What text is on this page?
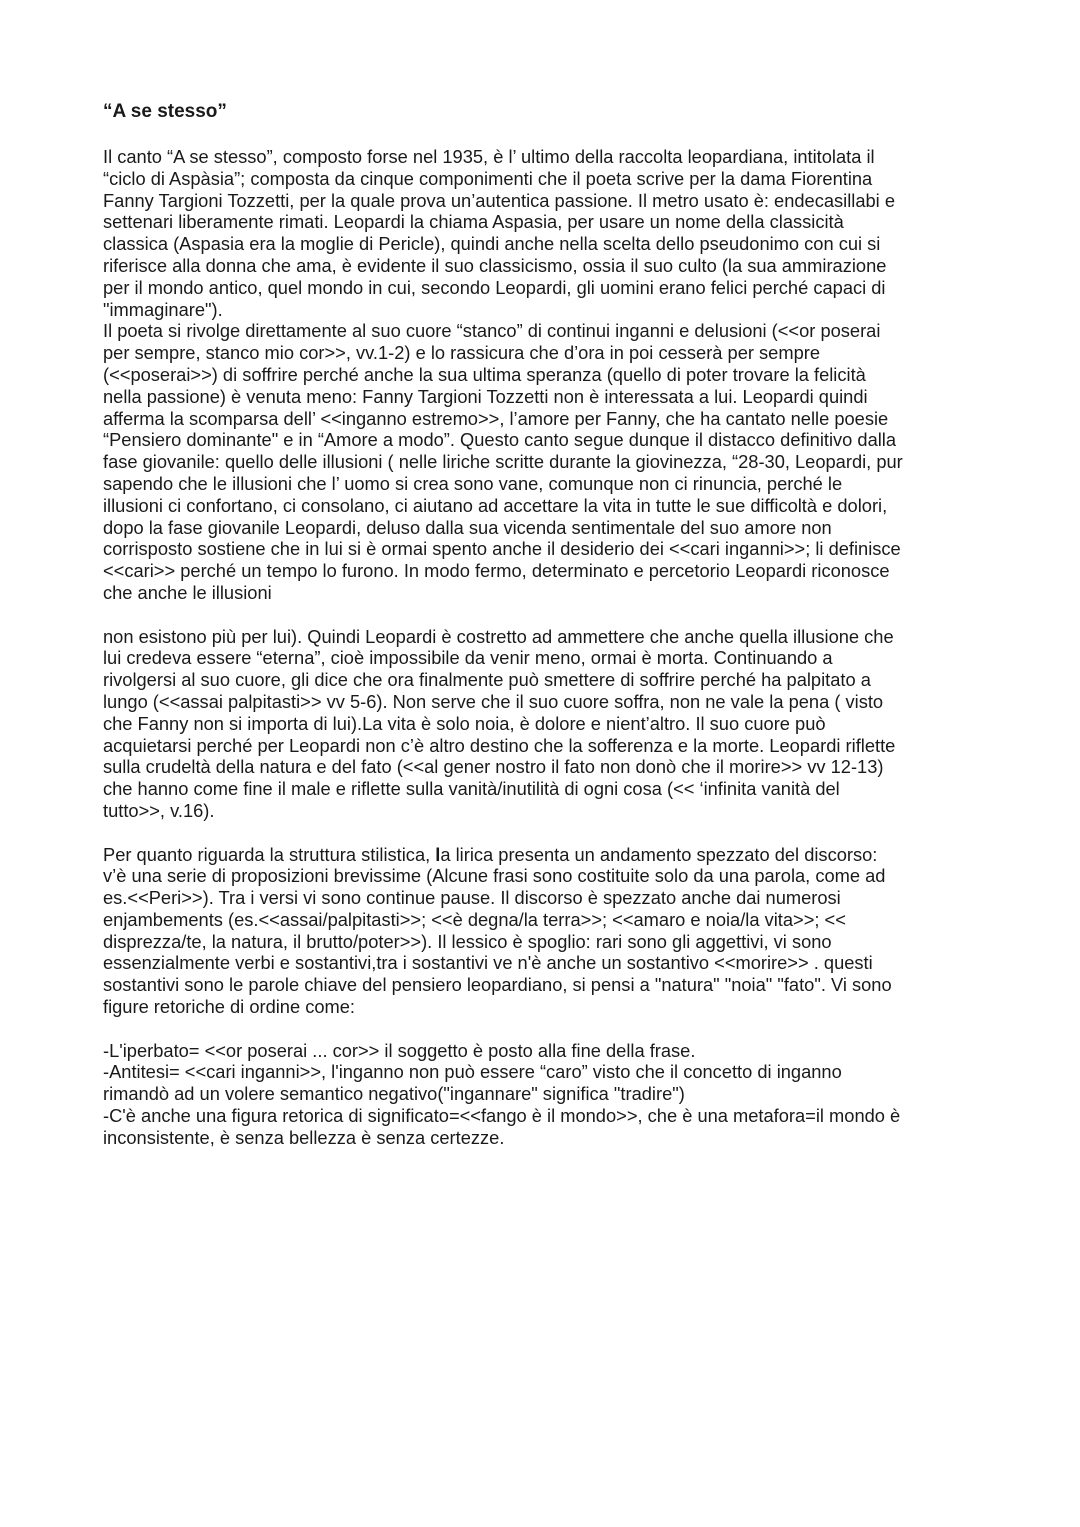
“A se stesso”

Il canto “A se stesso”, composto forse nel 1935, è l’ ultimo della raccolta leopardiana, intitolata il
“ciclo di Aspàsia”; composta da cinque componimenti che il poeta scrive per la dama Fiorentina
Fanny Targioni Tozzetti, per la quale prova un’autentica passione. Il metro usato è: endecasillabi e
settenari liberamente rimati. Leopardi la chiama Aspasia, per usare un nome della classicità
classica (Aspasia era la moglie di Pericle), quindi anche nella scelta dello pseudonimo con cui si
riferisce alla donna che ama, è evidente il suo classicismo, ossia il suo culto (la sua ammirazione
per il mondo antico, quel mondo in cui, secondo Leopardi, gli uomini erano felici perché capaci di
"immaginare").

Il poeta si rivolge direttamente al suo cuore “stanco” di continui inganni e delusioni (<<or poserai
per sempre, stanco mio cor>>, vv.1-2) e lo rassicura che d’ora in poi cesserà per sempre
(<<poserai>>) di soffrire perché anche la sua ultima speranza (quello di poter trovare la felicità
nella passione) è venuta meno: Fanny Targioni Tozzetti non è interessata a lui. Leopardi quindi
afferma la scomparsa dell’ <<inganno estremo>>, l’amore per Fanny, che ha cantato nelle poesie
“Pensiero dominante" e in “Amore a modo”. Questo canto segue dunque il distacco definitivo dalla
fase giovanile: quello delle illusioni ( nelle liriche scritte durante la giovinezza, “28-30, Leopardi, pur
sapendo che le illusioni che l’ uomo si crea sono vane, comunque non ci rinuncia, perché le
illusioni ci confortano, ci consolano, ci aiutano ad accettare la vita in tutte le sue difficoltà e dolori,
dopo la fase giovanile Leopardi, deluso dalla sua vicenda sentimentale del suo amore non
corrisposto sostiene che in lui si è ormai spento anche il desiderio dei <<cari inganni>>; li definisce
<<cari>> perché un tempo lo furono. In modo fermo, determinato e percetorio Leopardi riconosce
che anche le illusioni

non esistono più per lui). Quindi Leopardi è costretto ad ammettere che anche quella illusione che
lui credeva essere “eterna”, cioè impossibile da venir meno, ormai è morta. Continuando a
rivolgersi al suo cuore, gli dice che ora finalmente può smettere di soffrire perché ha palpitato a
lungo (<<assai palpitasti>> vv 5-6). Non serve che il suo cuore soffra, non ne vale la pena ( visto
che Fanny non si importa di lui).La vita è solo noia, è dolore e nient’altro. Il suo cuore può
acquietarsi perché per Leopardi non c’è altro destino che la sofferenza e la morte. Leopardi riflette
sulla crudeltà della natura e del fato (<<al gener nostro il fato non donò che il morire>> vv 12-13)
che hanno come fine il male e riflette sulla vanità/inutilità di ogni cosa (<< ‘infinita vanità del
tutto>>, v.16).

Per quanto riguarda la struttura stilistica, la lirica presenta un andamento spezzato del discorso:
v’è una serie di proposizioni brevissime (Alcune frasi sono costituite solo da una parola, come ad
es.<<Peri>>). Tra i versi vi sono continue pause. Il discorso è spezzato anche dai numerosi
enjambements (es.<<assai/palpitasti>>; <<è degna/la terra>>; <<amaro e noia/la vita>>; <<
disprezza/te, la natura, il brutto/poter>>). Il lessico è spoglio: rari sono gli aggettivi, vi sono
essenzialmente verbi e sostantivi,tra i sostantivi ve n'è anche un sostantivo <<morire>> . questi
sostantivi sono le parole chiave del pensiero leopardiano, si pensi a "natura" "noia" "fato". Vi sono
figure retoriche di ordine come:

-L'iperbato= <<or poserai ... cor>> il soggetto è posto alla fine della frase.

-Antitesi= <<cari inganni>>, l'inganno non può essere “caro” visto che il concetto di inganno
rimandò ad un volere semantico negativo("ingannare" significa "tradire")

-C'è anche una figura retorica di significato=<<fango è il mondo>>, che è una metafora=il mondo è
inconsistente, è senza bellezza è senza certezze.
